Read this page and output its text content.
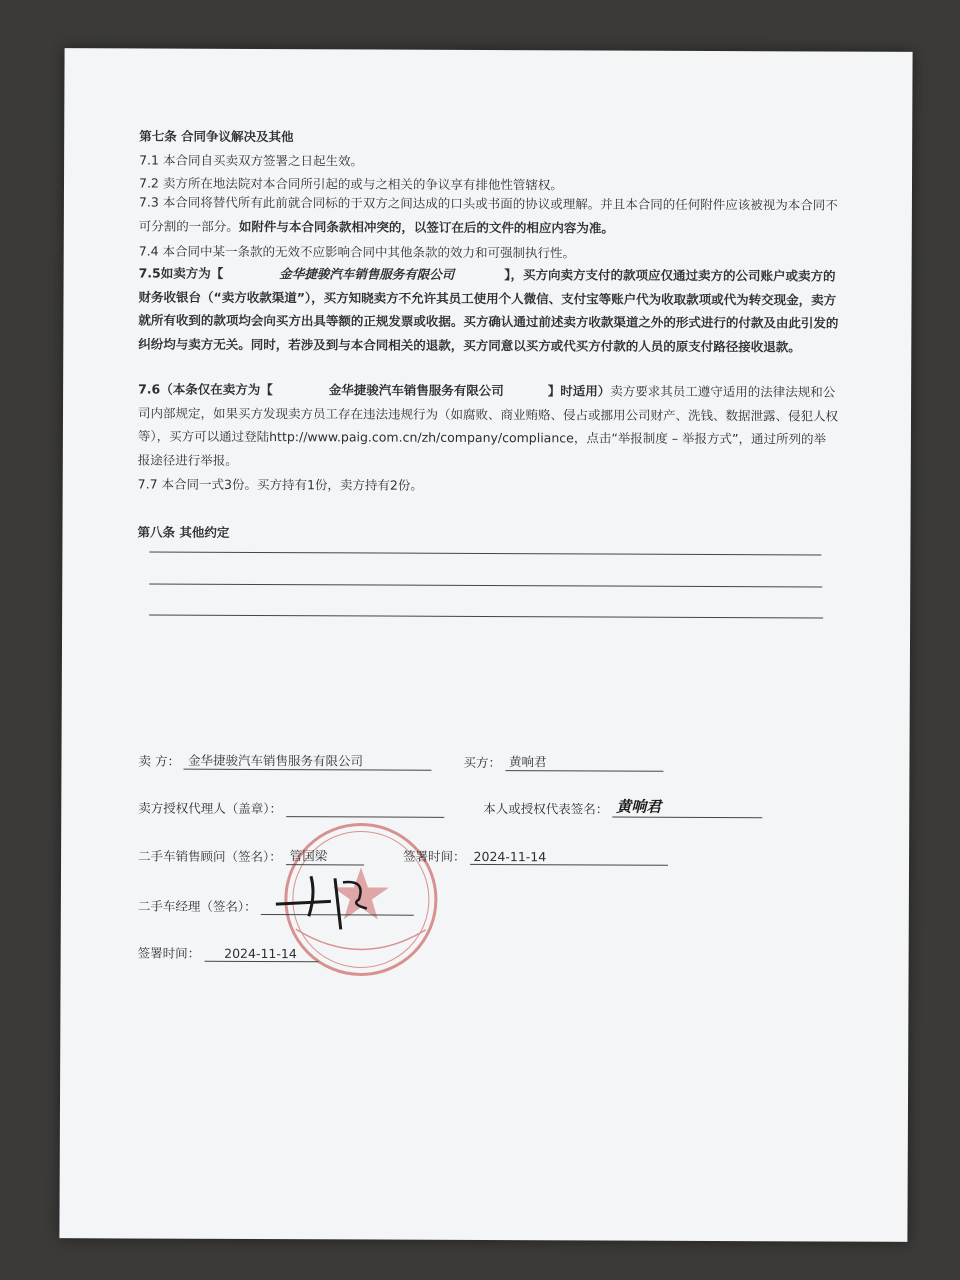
第七条 合同争议解决及其他
7.1 本合同自买卖双方签署之日起生效。
7.2 卖方所在地法院对本合同所引起的或与之相关的争议享有排他性管辖权。
7.3 本合同将替代所有此前就合同标的于双方之间达成的口头或书面的协议或理解。并且本合同的任何附件应该被视为本合同不可分割的一部分。如附件与本合同条款相冲突的，以签订在后的文件的相应内容为准。
7.4 本合同中某一条款的无效不应影响合同中其他条款的效力和可强制执行性。
7.5如卖方为【	金华捷骏汽车销售服务有限公司	】，买方向卖方支付的款项应仅通过卖方的公司账户或卖方的财务收银台（“卖方收款渠道”），买方知晓卖方不允许其员工使用个人微信、支付宝等账户代为收取款项或代为转交现金，卖方就所有收到的款项均会向买方出具等额的正规发票或收据。买方确认通过前述卖方收款渠道之外的形式进行的付款及由此引发的纠纷均与卖方无关。同时，若涉及到与本合同相关的退款，买方同意以买方或代买方付款的人员的原支付路径接收退款。
7.6（本条仅在卖方为【	金华捷骏汽车销售服务有限公司	】时适用）卖方要求其员工遵守适用的法律法规和公司内部规定，如果买方发现卖方员工存在违法违规行为（如腐败、商业贿赂、侵占或挪用公司财产、洗钱、数据泄露、侵犯人权等），买方可以通过登陆http://www.paig.com.cn/zh/company/compliance，点击“举报制度 – 举报方式”，通过所列的举报途径进行举报。
7.7 本合同一式3份。买方持有1份，卖方持有2份。
第八条 其他约定
卖 方： 金华捷骏汽车销售服务有限公司	买方： 黄响君
卖方授权代理人（盖章）：	本人或授权代表签名： 黄响君
二手车销售顾问（签名）： 管国梁	签署时间： 2024-11-14
二手车经理（签名）：
签署时间： 2024-11-14
